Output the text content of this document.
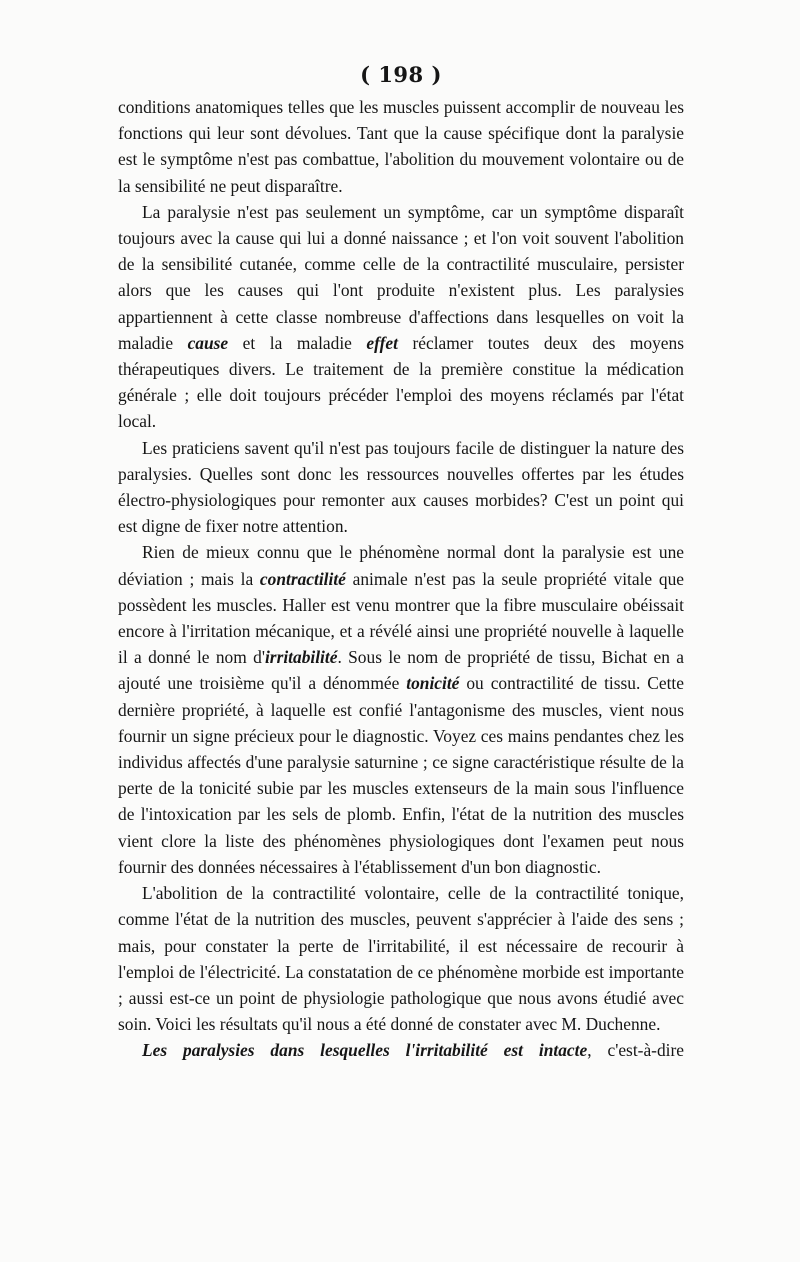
( 198 )

conditions anatomiques telles que les muscles puissent accomplir de nouveau les fonctions qui leur sont dévolues. Tant que la cause spécifique dont la paralysie est le symptôme n'est pas combattue, l'abolition du mouvement volontaire ou de la sensibilité ne peut disparaître.

La paralysie n'est pas seulement un symptôme, car un symptôme disparaît toujours avec la cause qui lui a donné naissance ; et l'on voit souvent l'abolition de la sensibilité cutanée, comme celle de la contractilité musculaire, persister alors que les causes qui l'ont produite n'existent plus. Les paralysies appartiennent à cette classe nombreuse d'affections dans lesquelles on voit la maladie cause et la maladie effet réclamer toutes deux des moyens thérapeutiques divers. Le traitement de la première constitue la médication générale ; elle doit toujours précéder l'emploi des moyens réclamés par l'état local.

Les praticiens savent qu'il n'est pas toujours facile de distinguer la nature des paralysies. Quelles sont donc les ressources nouvelles offertes par les études électro-physiologiques pour remonter aux causes morbides? C'est un point qui est digne de fixer notre attention.

Rien de mieux connu que le phénomène normal dont la paralysie est une déviation ; mais la contractilité animale n'est pas la seule propriété vitale que possèdent les muscles. Haller est venu montrer que la fibre musculaire obéissait encore à l'irritation mécanique, et a révélé ainsi une propriété nouvelle à laquelle il a donné le nom d'irritabilité. Sous le nom de propriété de tissu, Bichat en a ajouté une troisième qu'il a dénommée tonicité ou contractilité de tissu. Cette dernière propriété, à laquelle est confié l'antagonisme des muscles, vient nous fournir un signe précieux pour le diagnostic. Voyez ces mains pendantes chez les individus affectés d'une paralysie saturnine ; ce signe caractéristique résulte de la perte de la tonicité subie par les muscles extenseurs de la main sous l'influence de l'intoxication par les sels de plomb. Enfin, l'état de la nutrition des muscles vient clore la liste des phénomènes physiologiques dont l'examen peut nous fournir des données nécessaires à l'établissement d'un bon diagnostic.

L'abolition de la contractilité volontaire, celle de la contractilité tonique, comme l'état de la nutrition des muscles, peuvent s'apprécier à l'aide des sens ; mais, pour constater la perte de l'irritabilité, il est nécessaire de recourir à l'emploi de l'électricité. La constatation de ce phénomène morbide est importante ; aussi est-ce un point de physiologie pathologique que nous avons étudié avec soin. Voici les résultats qu'il nous a été donné de constater avec M. Duchenne.

Les paralysies dans lesquelles l'irritabilité est intacte, c'est-à-dire
